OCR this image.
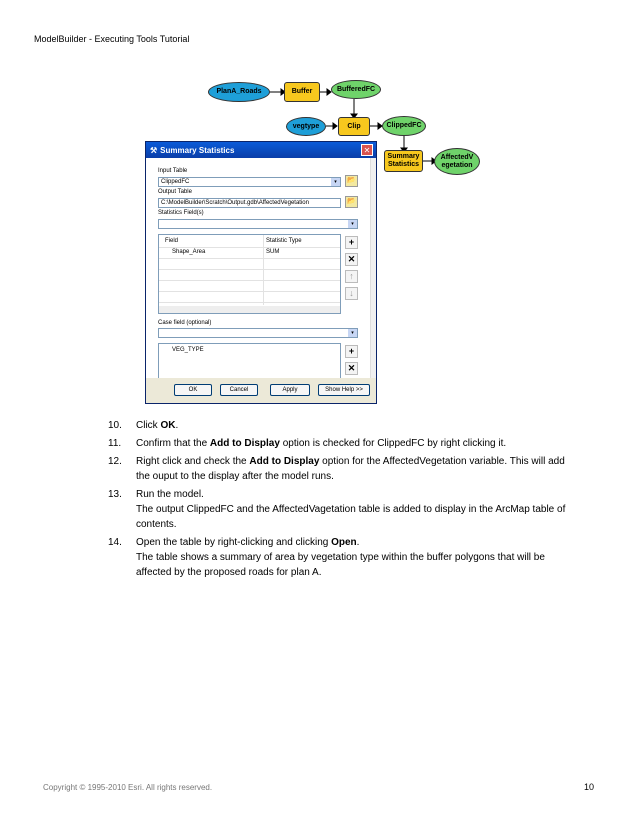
ModelBuilder - Executing Tools Tutorial
PlanA_Roads	Buffer	BufferedFC
vegtype	Clip	ClippedFC
Summary Statistics
AffectedV egetation
⚒ Summary Statistics	✕
Input Table
ClippedFC	▾	📂
Output Table
C:\ModelBuilder\Scratch\Output.gdb\AffectedVegetation	📂
Statistics Field(s)
▾
Field	Statistic Type
Shape_Area	SUM
+
✕
↑
↓
Case field (optional)
▾
VEG_TYPE	+
✕
OK	Cancel	Apply	Show Help >>
10. Click OK.
11. Confirm that the Add to Display option is checked for ClippedFC by right clicking it.
12. Right click and check the Add to Display option for the AffectedVegetation variable. This will add the ouput to the display after the model runs.
13. Run the model.
The output ClippedFC and the AffectedVagetation table is added to display in the ArcMap table of contents.
14. Open the table by right-clicking and clicking Open.
The table shows a summary of area by vegetation type within the buffer polygons that will be affected by the proposed roads for plan A.
Copyright © 1995-2010 Esri. All rights reserved.	10
